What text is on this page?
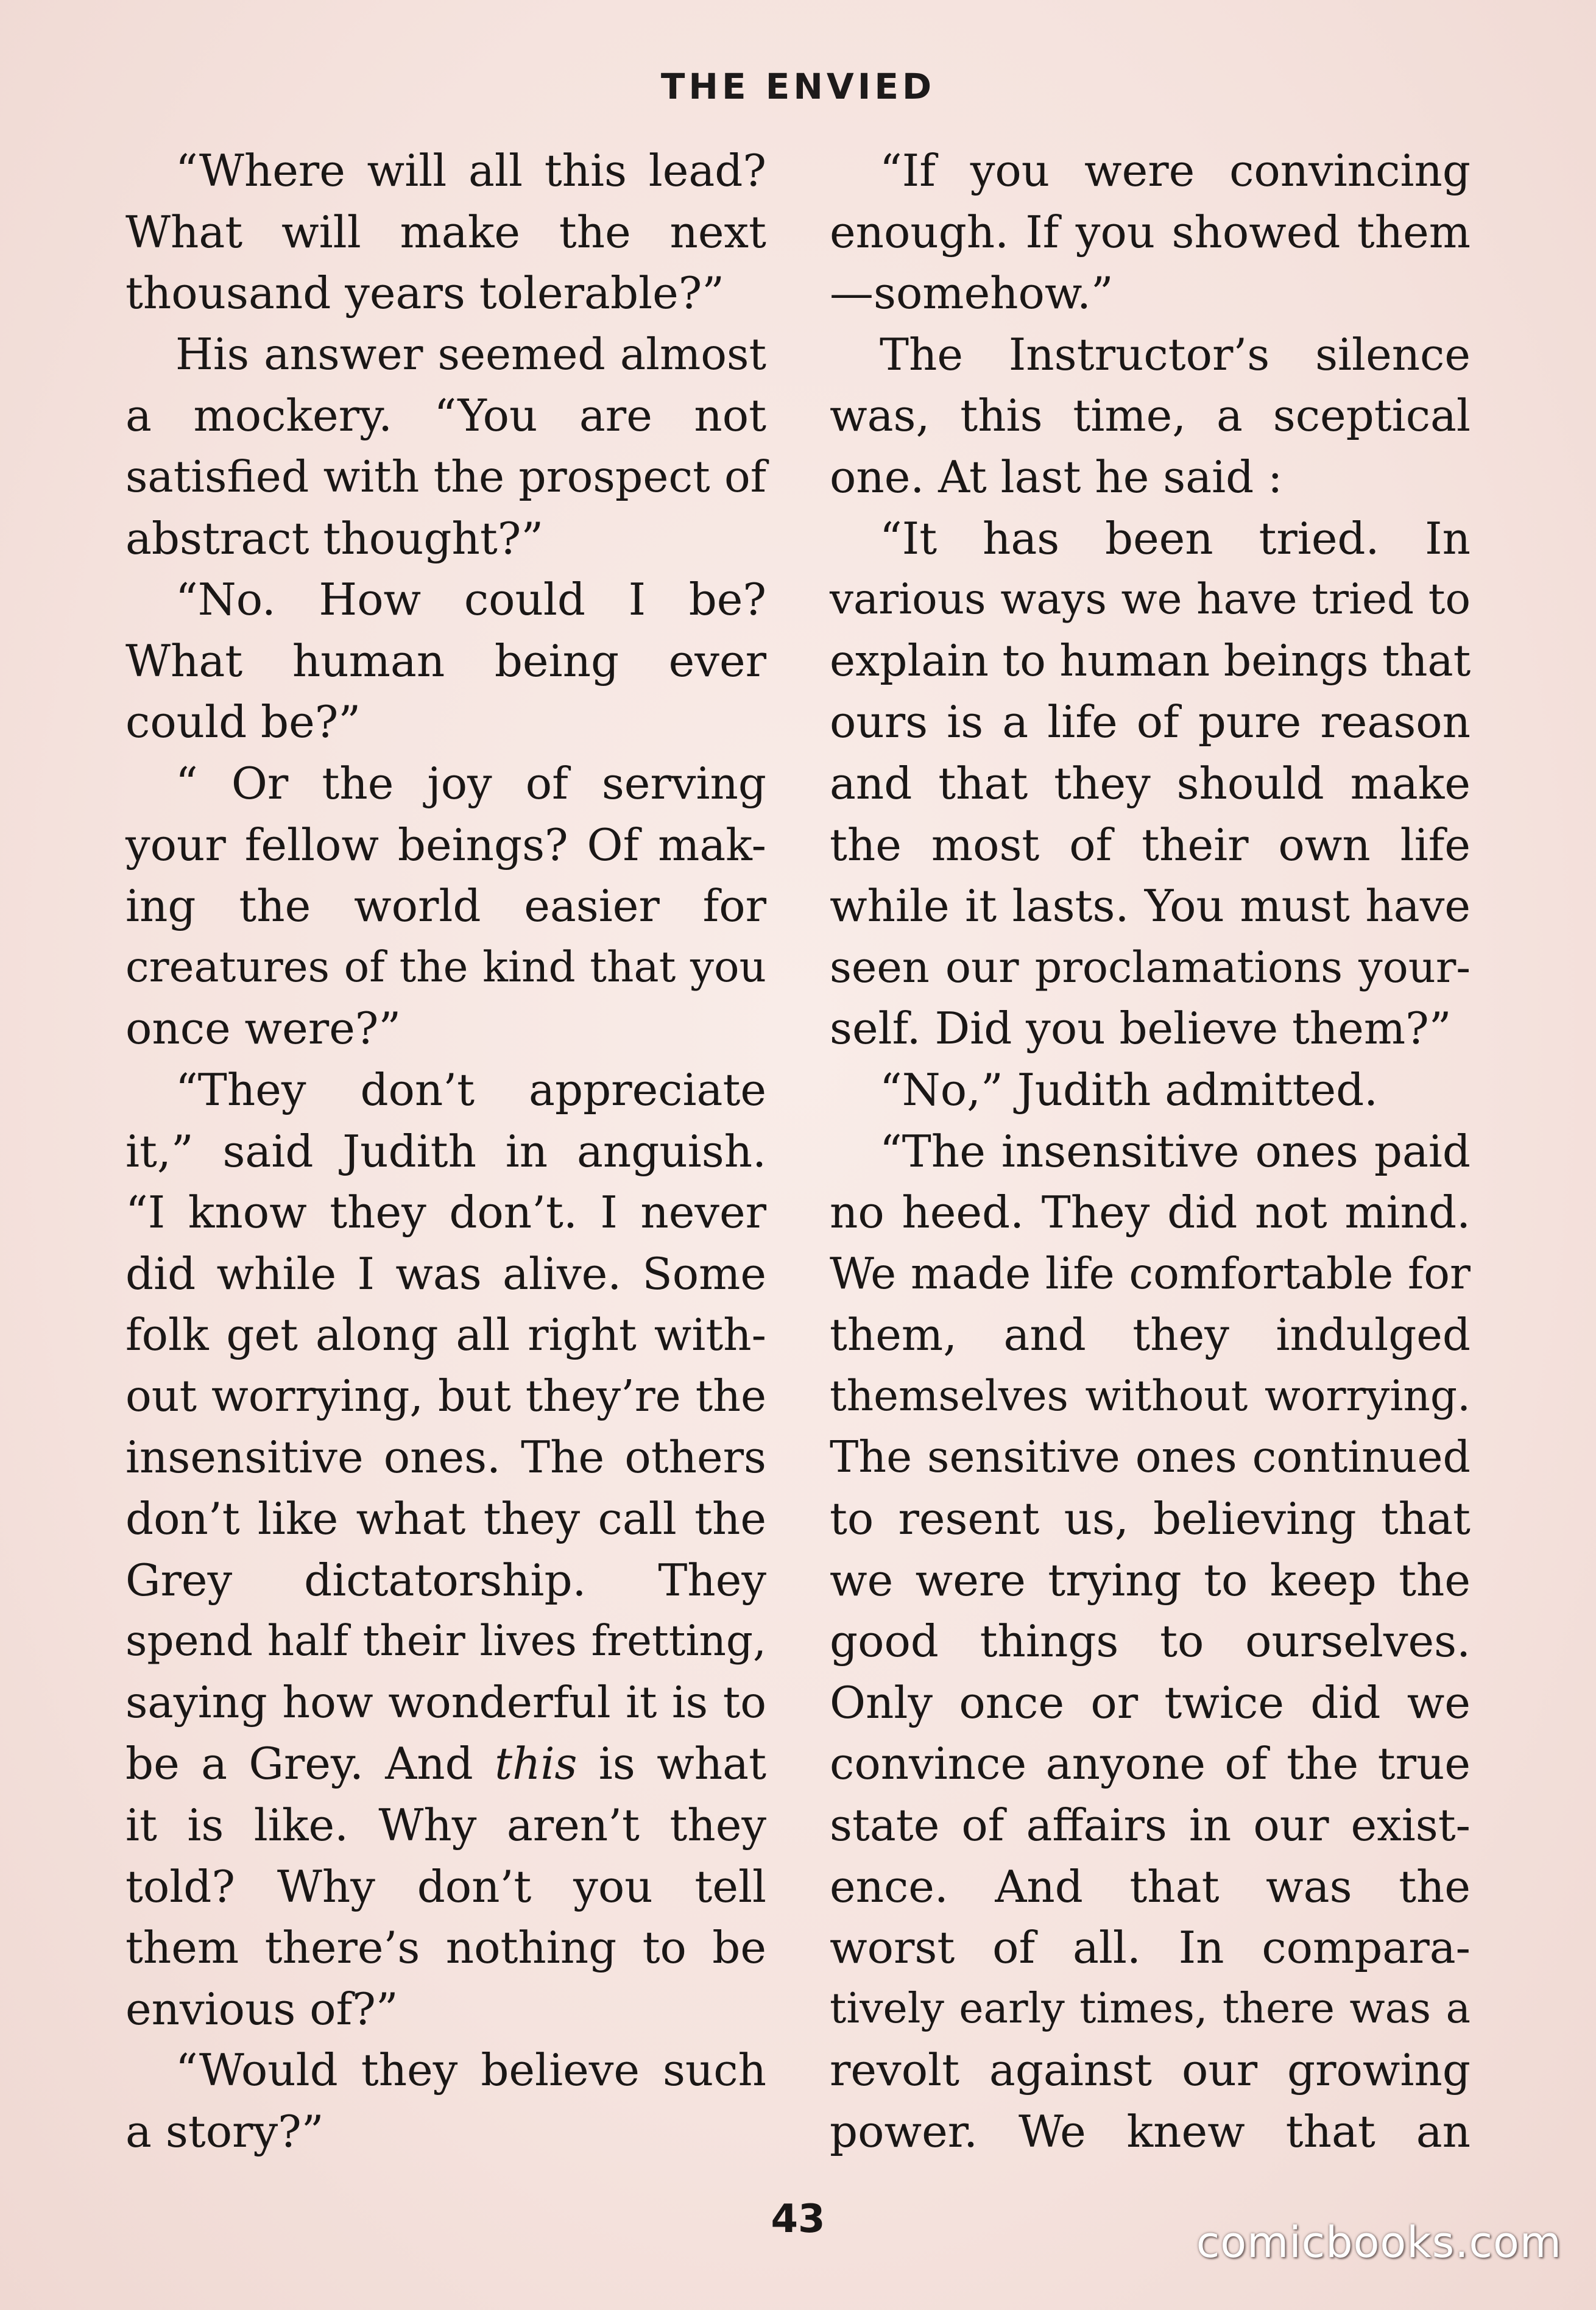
THE ENVIED
“Where will all this lead?
What will make the next
thousand years tolerable?”
His answer seemed almost
a mockery. “You are not
satisfied with the prospect of
abstract thought?”
“No. How could I be?
What human being ever
could be?”
“ Or the joy of serving
your fellow beings? Of mak-
ing the world easier for
creatures of the kind that you
once were?”
“They don’t appreciate
it,” said Judith in anguish.
“I know they don’t. I never
did while I was alive. Some
folk get along all right with-
out worrying, but they’re the
insensitive ones. The others
don’t like what they call the
Grey dictatorship. They
spend half their lives fretting,
saying how wonderful it is to
be a Grey. And this is what
it is like. Why aren’t they
told? Why don’t you tell
them there’s nothing to be
envious of?”
“Would they believe such
a story?”
“If you were convincing
enough. If you showed them
—somehow.”
The Instructor’s silence
was, this time, a sceptical
one. At last he said :
“It has been tried. In
various ways we have tried to
explain to human beings that
ours is a life of pure reason
and that they should make
the most of their own life
while it lasts. You must have
seen our proclamations your-
self. Did you believe them?”
“No,” Judith admitted.
“The insensitive ones paid
no heed. They did not mind.
We made life comfortable for
them, and they indulged
themselves without worrying.
The sensitive ones continued
to resent us, believing that
we were trying to keep the
good things to ourselves.
Only once or twice did we
convince anyone of the true
state of affairs in our exist-
ence. And that was the
worst of all. In compara-
tively early times, there was a
revolt against our growing
power. We knew that an
43	comicbooks.com
